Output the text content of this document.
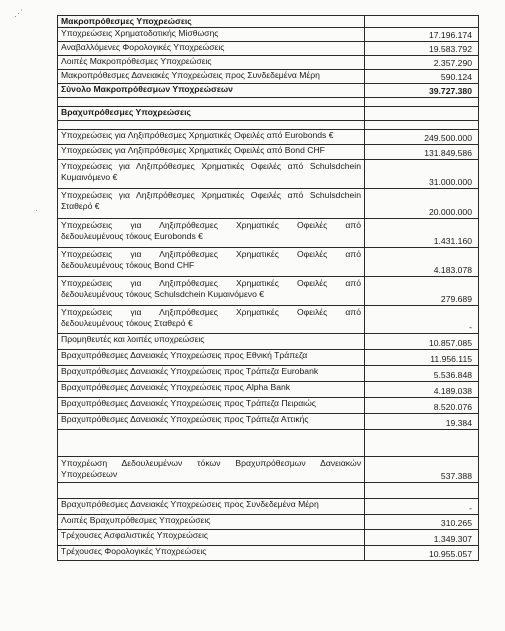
⋰
·
Μακροπρόθεσμες Υποχρεώσεις	
Υποχρεώσεις Χρηματοδοτικής Μίσθωσης	17.196.174
Αναβαλλόμενες Φορολογικές Υποχρεώσεις	19.583.792
Λοιπές Μακροπρόθεσμες Υποχρεώσεις	2.357.290
Μακροπρόθεσμες Δανειακές Υποχρεώσεις προς Συνδεδεμένα Μέρη	590.124
Σύνολο Μακροπρόθεσμων Υποχρεώσεων	39.727.380

Βραχυπρόθεσμες Υποχρεώσεις	

Υποχρεώσεις για Ληξιπρόθεσμες Χρηματικές Οφειλές από Eurobonds €	249.500.000
Υποχρεώσεις για Ληξιπρόθεσμες Χρηματικές Οφειλές από Bond CHF	131.849.586
Υποχρεώσεις για Ληξιπρόθεσμες Χρηματικές Οφειλές από Schulsdchein
Κυμαινόμενο €	31.000.000
Υποχρεώσεις για Ληξιπρόθεσμες Χρηματικές Οφειλές από Schulsdchein
Σταθερό €	20.000.000
Υποχρεώσεις για Ληξιπρόθεσμες Χρηματικές Οφειλές από
δεδουλευμένους τόκους Eurobonds €	1.431.160
Υποχρεώσεις για Ληξιπρόθεσμες Χρηματικές Οφειλές από
δεδουλευμένους τόκους Bond CHF	4.183.078
Υποχρεώσεις για Ληξιπρόθεσμες Χρηματικές Οφειλές από
δεδουλευμένους τόκους Schulsdchein Κυμαινόμενο €	279.689
Υποχρεώσεις για Ληξιπρόθεσμες Χρηματικές Οφειλές από
δεδουλευμένους τόκους Σταθερό €	-
Προμηθευτές και λοιπές υποχρεώσεις	10.857.085
Βραχυπρόθεσμες Δανειακές Υποχρεώσεις προς Εθνική Τράπεζα	11.956.115
Βραχυπρόθεσμες Δανειακές Υποχρεώσεις προς Τράπεζα Eurobank	5.536.848
Βραχυπρόθεσμες Δανειακές Υποχρεώσεις προς Alpha Bank	4.189.038
Βραχυπρόθεσμες Δανειακές Υποχρεώσεις προς Τράπεζα Πειραιώς	8.520.076
Βραχυπρόθεσμες Δανειακές Υποχρεώσεις προς Τράπεζα Αττικής	19.384

Υποχρέωση Δεδουλευμένων τόκων Βραχυπρόθεσμων Δανειακών
Υποχρεώσεων	537.388

Βραχυπρόθεσμες Δανειακές Υποχρεώσεις προς Συνδεδεμένα Μέρη	-
Λοιπές Βραχυπρόθεσμες Υποχρεώσεις	310.265
Τρέχουσες Ασφαλιστικές Υποχρεώσεις	1.349.307
Τρέχουσες Φορολογικές Υποχρεώσεις	10.955.057
